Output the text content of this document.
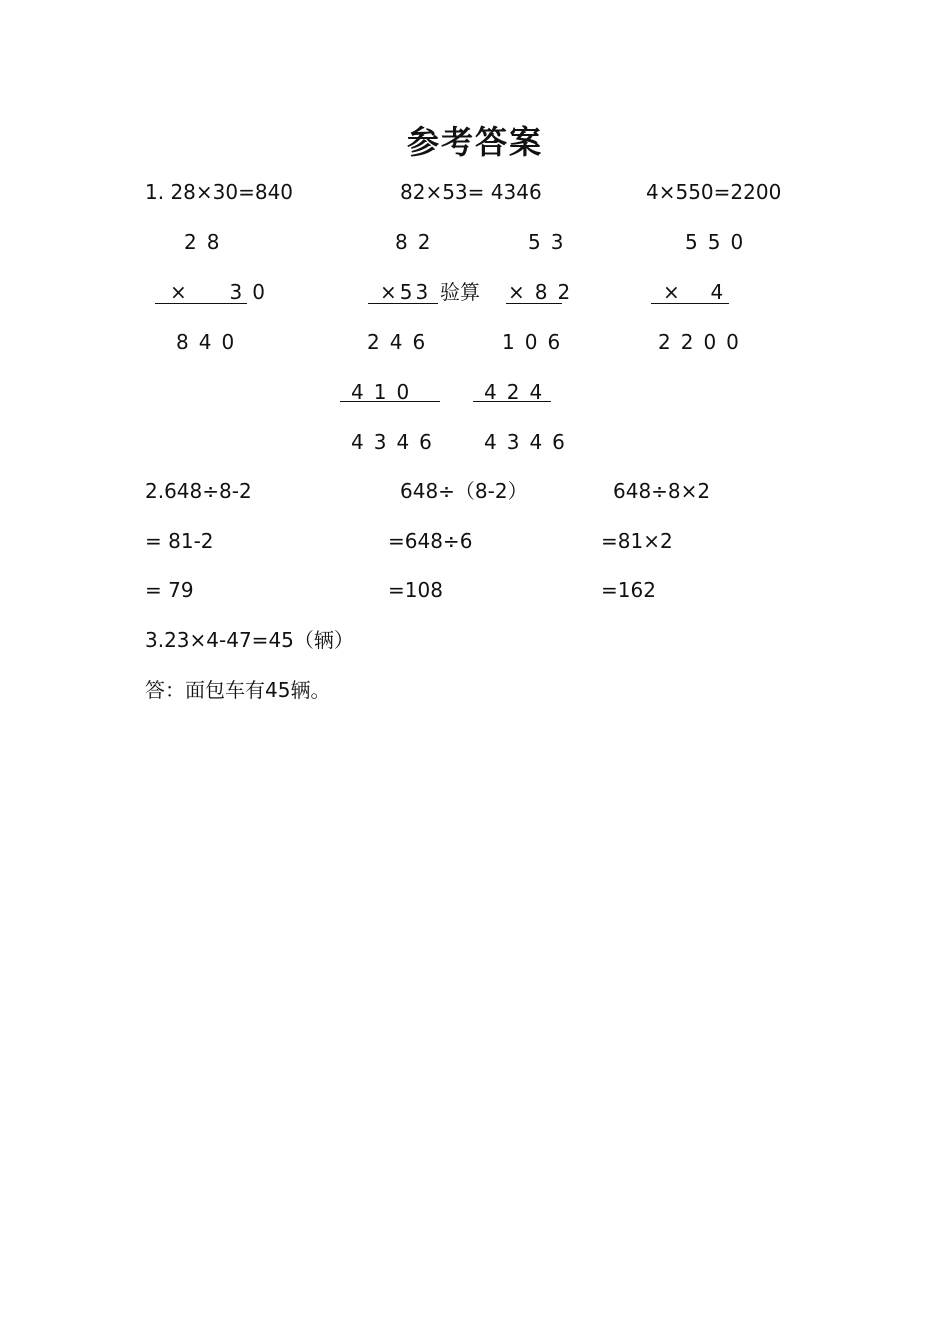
参考答案
1. 28×30=840	82×53= 4346	4×550=2200
28
×  30
840
82
×53 验算
246
410
4346
53
×82
106
424
4346
550
×  4
2200
2.648÷8-2
= 81-2
= 79
648÷（8-2）
=648÷6
=108
648÷8×2
=81×2
=162
3.23×4-47=45（辆）
答：面包车有45辆。
